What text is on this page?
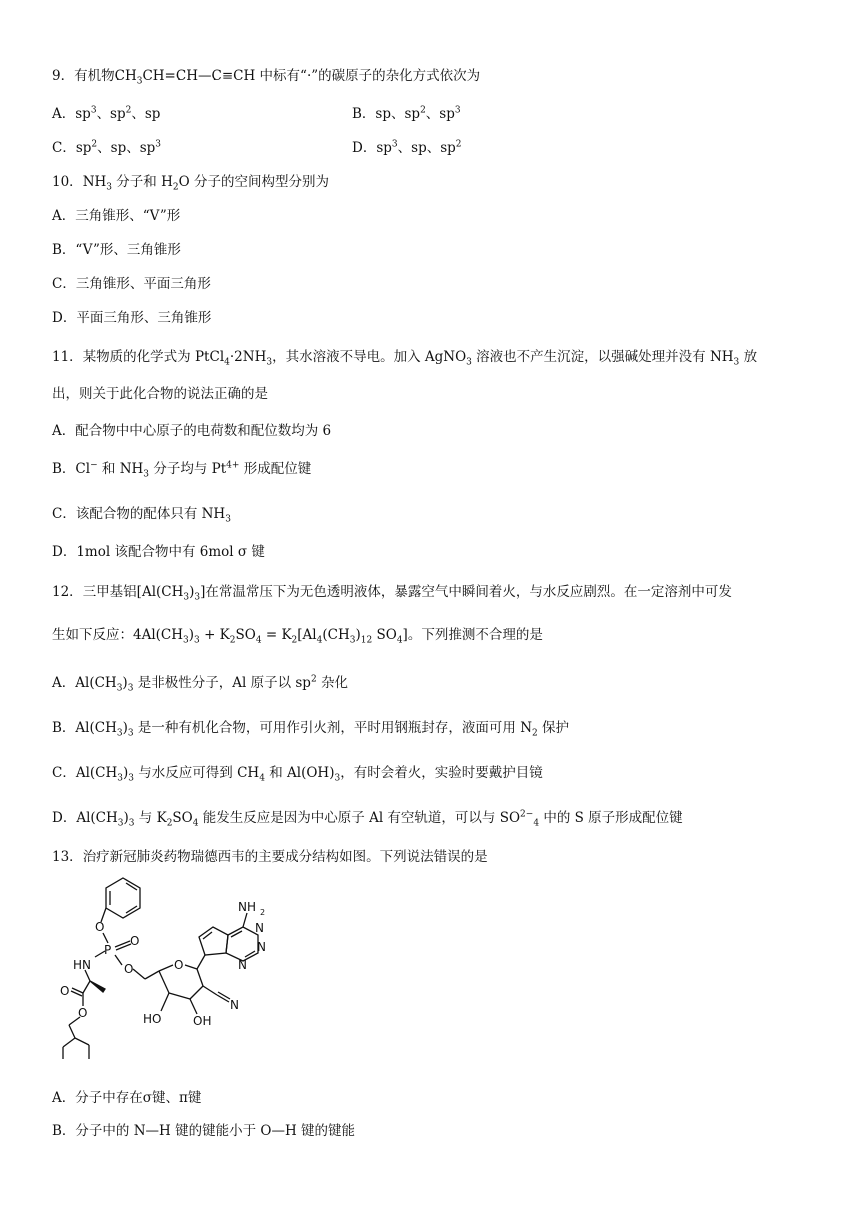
9．有机物$C \cdot H_3CH=C$ ·H—C ·≡CH 中标有“·”的碳原子的杂化方式依次为
A．$sp^3$、$sp^2$、sp	B．sp、$sp^2$、$sp^3$
C．$sp^2$、sp、$sp^3$	D．$sp^3$、sp、$sp^2$
10．$NH_3$ 分子和 $H_2O$ 分子的空间构型分别为
A．三角锥形、“V”形
B．“V”形、三角锥形
C．三角锥形、平面三角形
D．平面三角形、三角锥形
11．某物质的化学式为 $PtCl_4\cdot 2NH_3$，其水溶液不导电。加入 AgNO$_3$ 溶液也不产生沉淀，以强碱处理并没有 $NH_3$ 放
出，则关于此化合物的说法正确的是
A．配合物中中心原子的电荷数和配位数均为 6
B．Cl− 和 $NH_3$ 分子均与 $Pt^{4+}$ 形成配位键
C．该配合物的配体只有 $NH_3$
D．1mol 该配合物中有 6mol σ 键
12．三甲基铝$[Al(CH_3)_3]$在常温常压下为无色透明液体，暴露空气中瞬间着火，与水反应剧烈。在一定溶剂中可发
生如下反应：$4Al(CH_3)_3 + K_2SO_4 = K_2[Al_4(CH_3)_{12}$ $SO_4$]。下列推测不合理的是
A．$Al(CH_3)_3$ 是非极性分子，Al 原子以 $sp^2$ 杂化
B．$Al(CH_3)_3$ 是一种有机化合物，可用作引火剂，平时用钢瓶封存，液面可用 $N_2$ 保护
C．$Al(CH_3)_3$ 与水反应可得到 $CH_4$ 和 $Al(OH)_3$，有时会着火，实验时要戴护目镜
D．$Al(CH_3)_3$ 与 $K_2SO_4$ 能发生反应是因为中心原子 Al 有空轨道，可以与 $SO^{2-}_4$ 中的 S 原子形成配位键
13．治疗新冠肺炎药物瑞德西韦的主要成分结构如图。下列说法错误的是
NH 2
O
P
O
O
HN
O
O
O
N
N
N
N
HO	OH
A．分子中存在σ键、π键
B．分子中的 N—H 键的键能小于 O—H 键的键能
